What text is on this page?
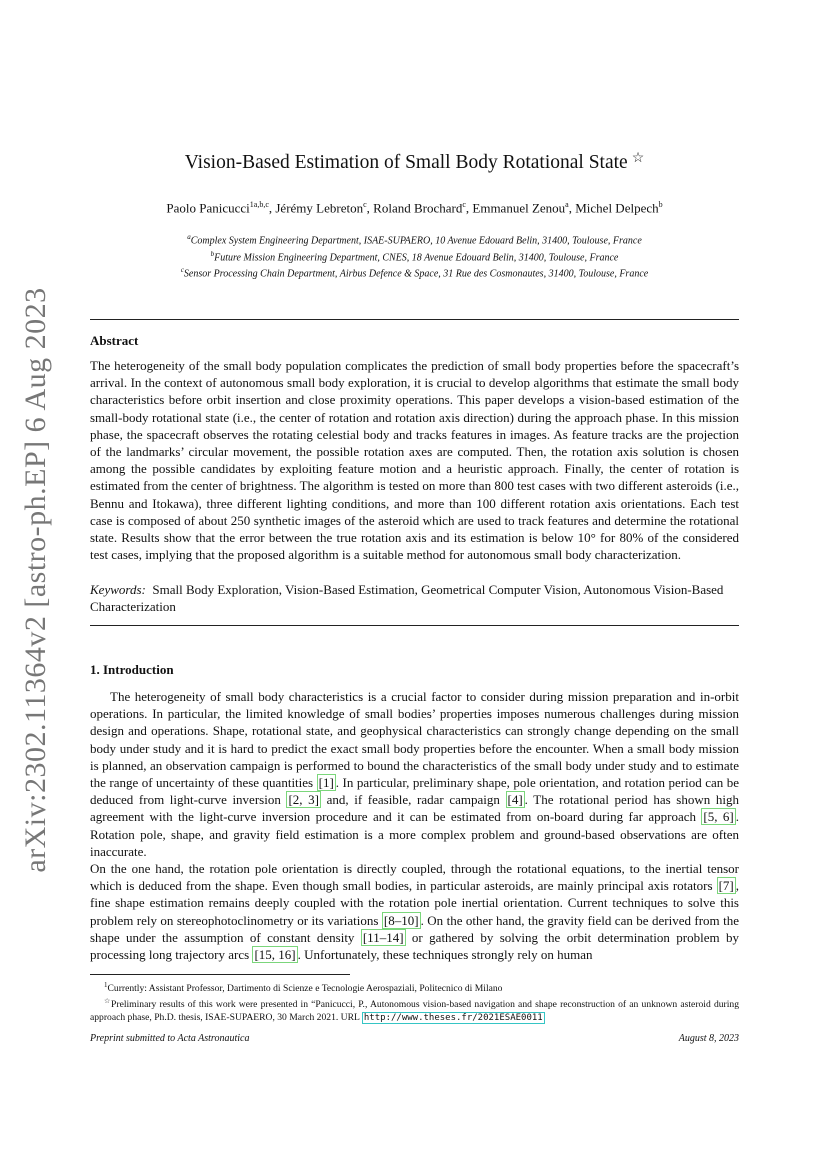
arXiv:2302.11364v2 [astro-ph.EP] 6 Aug 2023
Vision-Based Estimation of Small Body Rotational State ☆
Paolo Panicucci$^{1a,b,c}$, Jérémy Lebreton$^c$, Roland Brochard$^c$, Emmanuel Zenou$^a$, Michel Delpech$^b$
$^a$Complex System Engineering Department, ISAE-SUPAERO, 10 Avenue Edouard Belin, 31400, Toulouse, France
$^b$Future Mission Engineering Department, CNES, 18 Avenue Edouard Belin, 31400, Toulouse, France
$^c$Sensor Processing Chain Department, Airbus Defence & Space, 31 Rue des Cosmonautes, 31400, Toulouse, France
Abstract
The heterogeneity of the small body population complicates the prediction of small body properties before the spacecraft’s arrival. In the context of autonomous small body exploration, it is crucial to develop algorithms that estimate the small body characteristics before orbit insertion and close proximity operations. This paper develops a vision-based estimation of the small-body rotational state (i.e., the center of rotation and rotation axis direction) during the approach phase. In this mission phase, the spacecraft observes the rotating celestial body and tracks features in images. As feature tracks are the projection of the landmarks’ circular movement, the possible rotation axes are computed. Then, the rotation axis solution is chosen among the possible candidates by exploiting feature motion and a heuristic approach. Finally, the center of rotation is estimated from the center of brightness. The algorithm is tested on more than 800 test cases with two different asteroids (i.e., Bennu and Itokawa), three different lighting conditions, and more than 100 different rotation axis orientations. Each test case is composed of about 250 synthetic images of the asteroid which are used to track features and determine the rotational state. Results show that the error between the true rotation axis and its estimation is below 10° for 80% of the considered test cases, implying that the proposed algorithm is a suitable method for autonomous small body characterization.
Keywords: Small Body Exploration, Vision-Based Estimation, Geometrical Computer Vision, Autonomous Vision-Based Characterization
1. Introduction

The heterogeneity of small body characteristics is a crucial factor to consider during mission preparation and in-orbit operations. In particular, the limited knowledge of small bodies’ properties imposes numerous challenges during mission design and operations. Shape, rotational state, and geophysical characteristics can strongly change depending on the small body under study and it is hard to predict the exact small body properties before the encounter. When a small body mission is planned, an observation campaign is performed to bound the characteristics of the small body under study and to estimate the range of uncertainty of these quantities [1] . In particular, preliminary shape, pole orientation, and rotation period can be deduced from light-curve inversion [2, 3] and, if feasible, radar campaign [4] . The rotational period has shown high agreement with the light-curve inversion procedure and it can be estimated from on-board during far approach [5, 6] . Rotation pole, shape, and gravity field estimation is a more complex problem and ground-based observations are often inaccurate.

On the one hand, the rotation pole orientation is directly coupled, through the rotational equations, to the inertial tensor which is deduced from the shape. Even though small bodies, in particular asteroids, are mainly principal axis rotators [7] , fine shape estimation remains deeply coupled with the rotation pole inertial orientation. Current techniques to solve this problem rely on stereophotoclinometry or its variations [8–10] . On the other hand, the gravity field can be derived from the shape under the assumption of constant density [11–14] or gathered by solving the orbit determination problem by processing long trajectory arcs [15, 16] . Unfortunately, these techniques strongly rely on human

$^1$Currently: Assistant Professor, Dartimento di Scienze e Tecnologie Aerospaziali, Politecnico di Milano

☆Preliminary results of this work were presented in “Panicucci, P., Autonomous vision-based navigation and shape reconstruction of an unknown asteroid during approach phase, Ph.D. thesis, ISAE-SUPAERO, 30 March 2021. URL http://www.theses.fr/2021ESAE0011

Preprint submitted to Acta Astronautica	August 8, 2023
